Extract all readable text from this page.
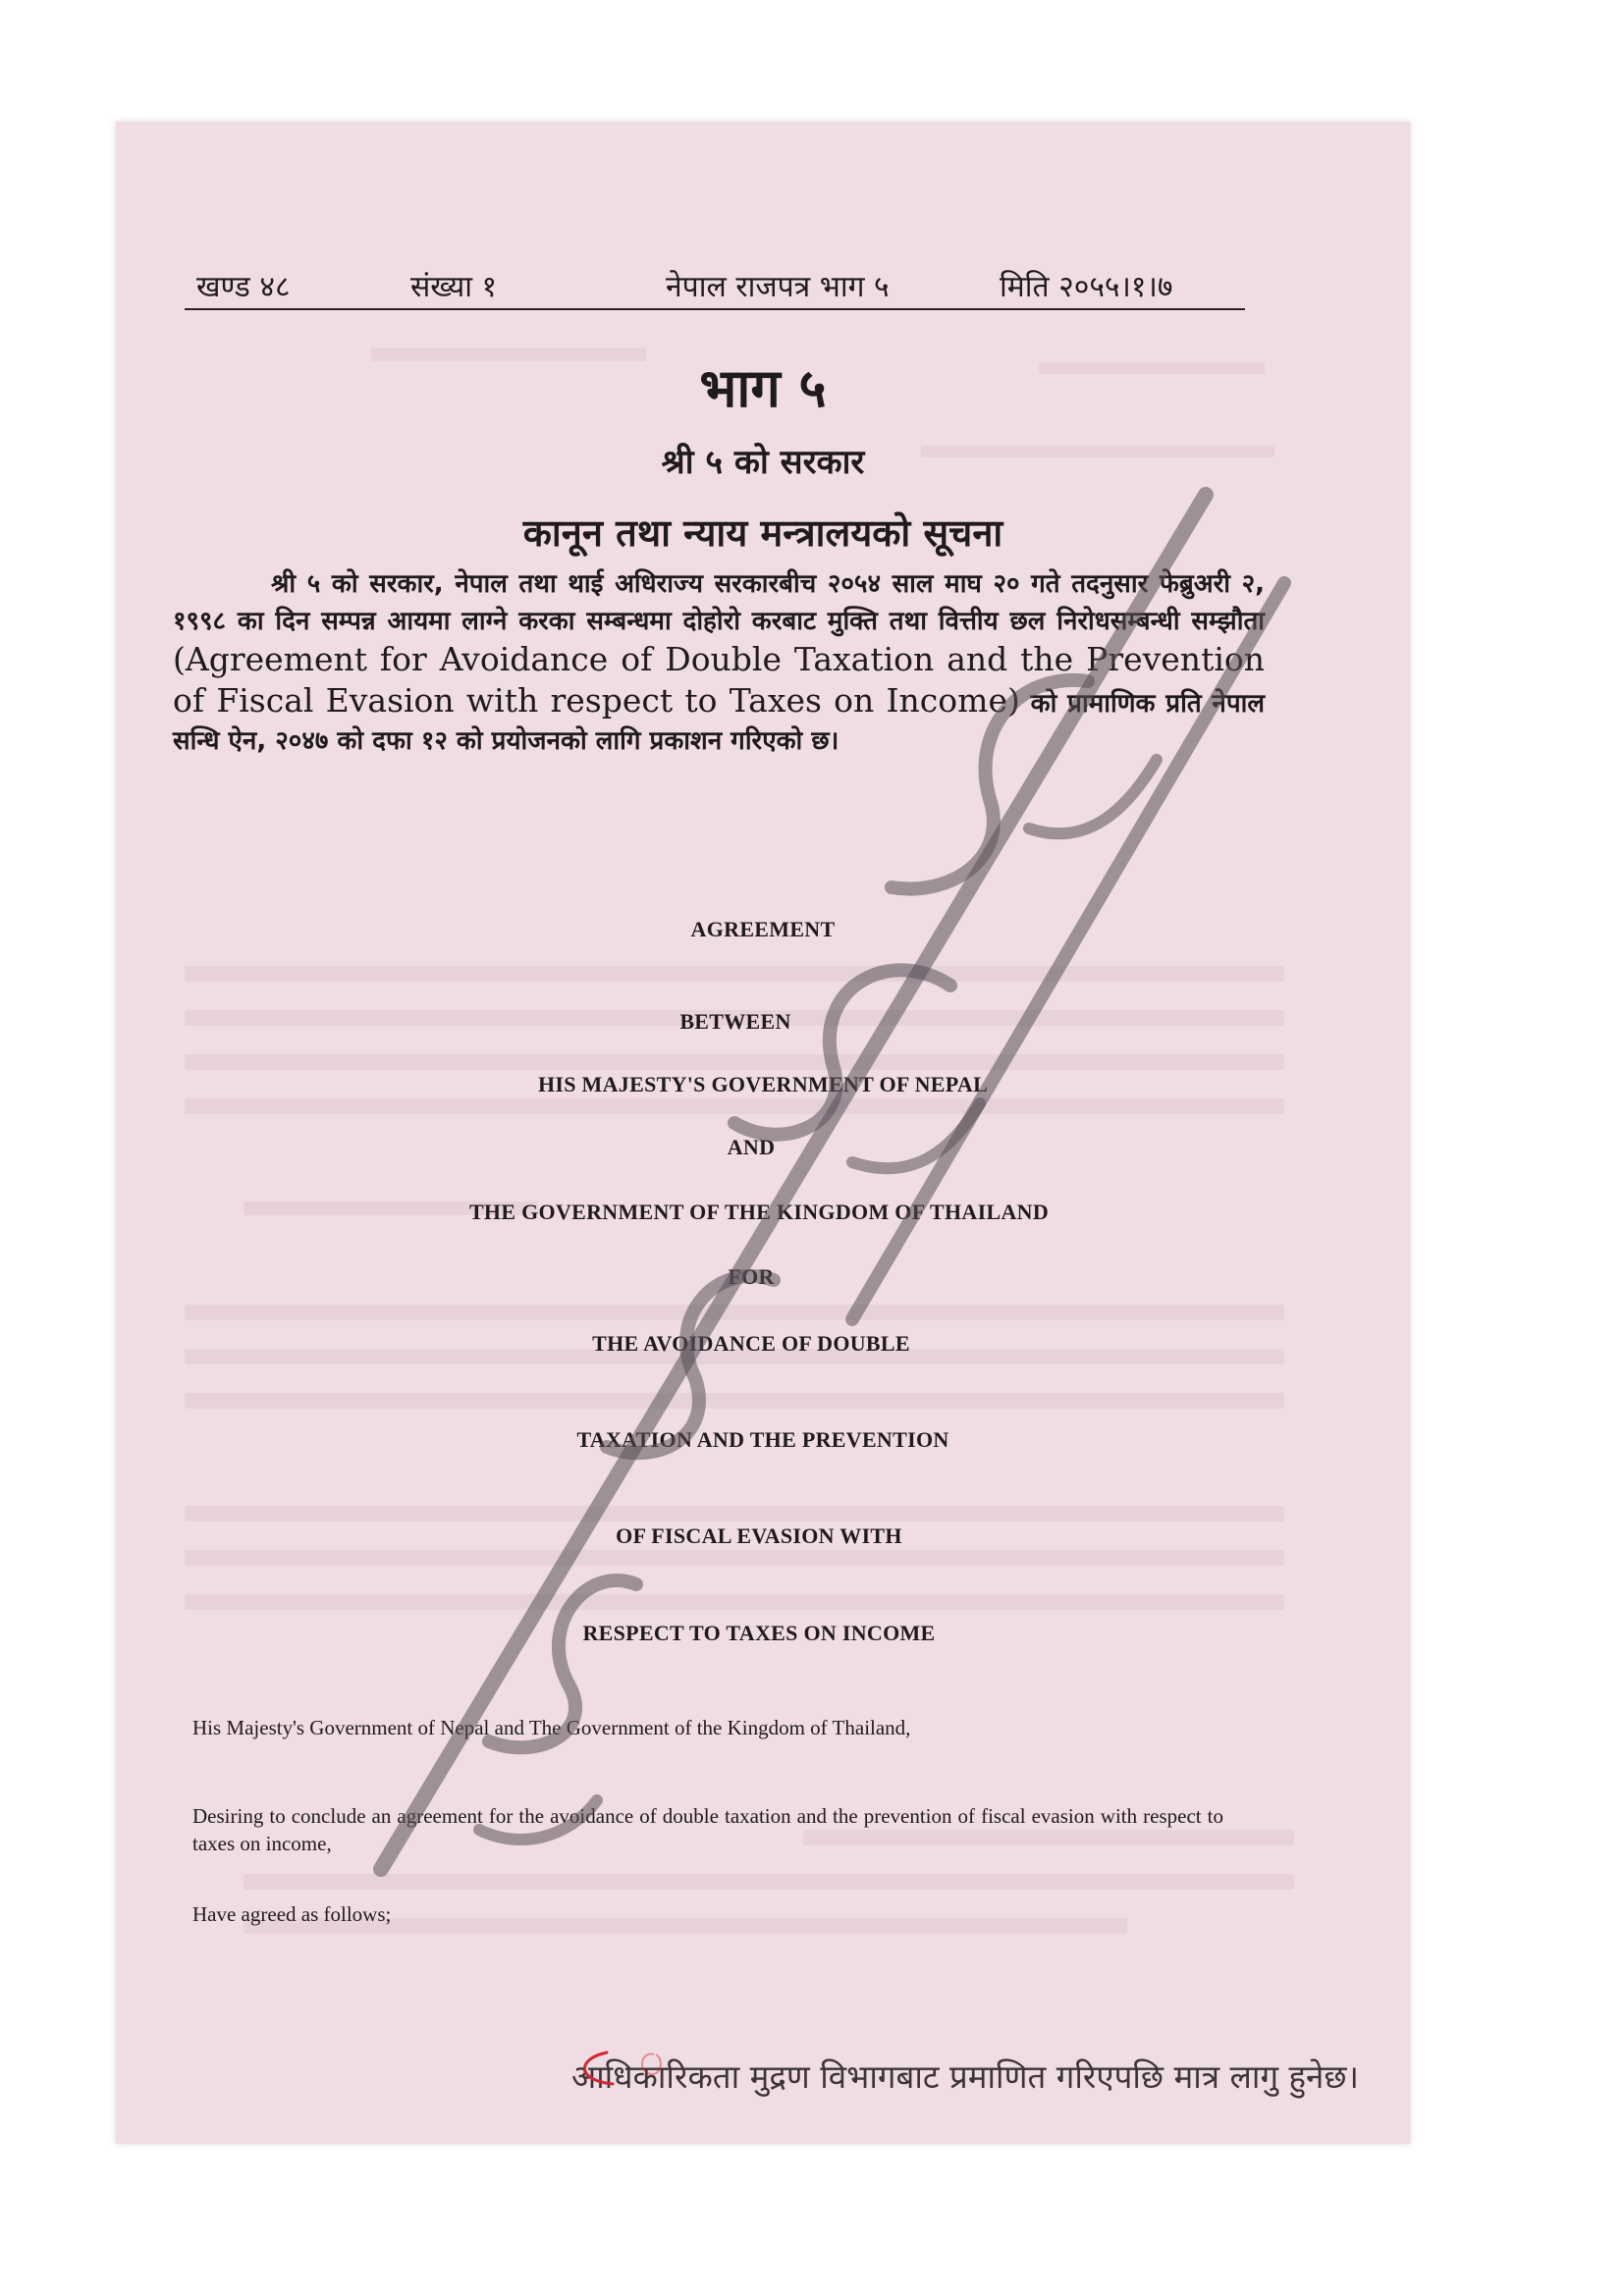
खण्ड ४८	संख्या १	नेपाल राजपत्र भाग ५	मिति २०५५।१।७
भाग ५
श्री ५ को सरकार
कानून तथा न्याय मन्त्रालयको सूचना
श्री ५ को सरकार, नेपाल तथा थाई अधिराज्य सरकारबीच २०५४ साल माघ २० गते तदनुसार फेब्रुअरी २, १९९८ का दिन सम्पन्न आयमा लाग्ने करका सम्बन्धमा दोहोरो करबाट मुक्ति तथा वित्तीय छल निरोधसम्बन्धी सम्झौता (Agreement for Avoidance of Double Taxation and the Prevention of Fiscal Evasion with respect to Taxes on Income) को प्रामाणिक प्रति नेपाल सन्धि ऐन, २०४७ को दफा १२ को प्रयोजनको लागि प्रकाशन गरिएको छ।
AGREEMENT
BETWEEN
HIS MAJESTY'S GOVERNMENT OF NEPAL
AND
THE GOVERNMENT OF THE KINGDOM OF THAILAND
FOR
THE AVOIDANCE OF DOUBLE
TAXATION AND THE PREVENTION
OF FISCAL EVASION WITH
RESPECT TO TAXES ON INCOME
His Majesty's Government of Nepal and The Government of the Kingdom of Thailand,
Desiring to conclude an agreement for the avoidance of double taxation and the prevention of fiscal evasion with respect to taxes on income,
Have agreed as follows;
आधिकारिकता मुद्रण विभागबाट प्रमाणित गरिएपछि मात्र लागु हुनेछ।
मुद्रण विभाग
